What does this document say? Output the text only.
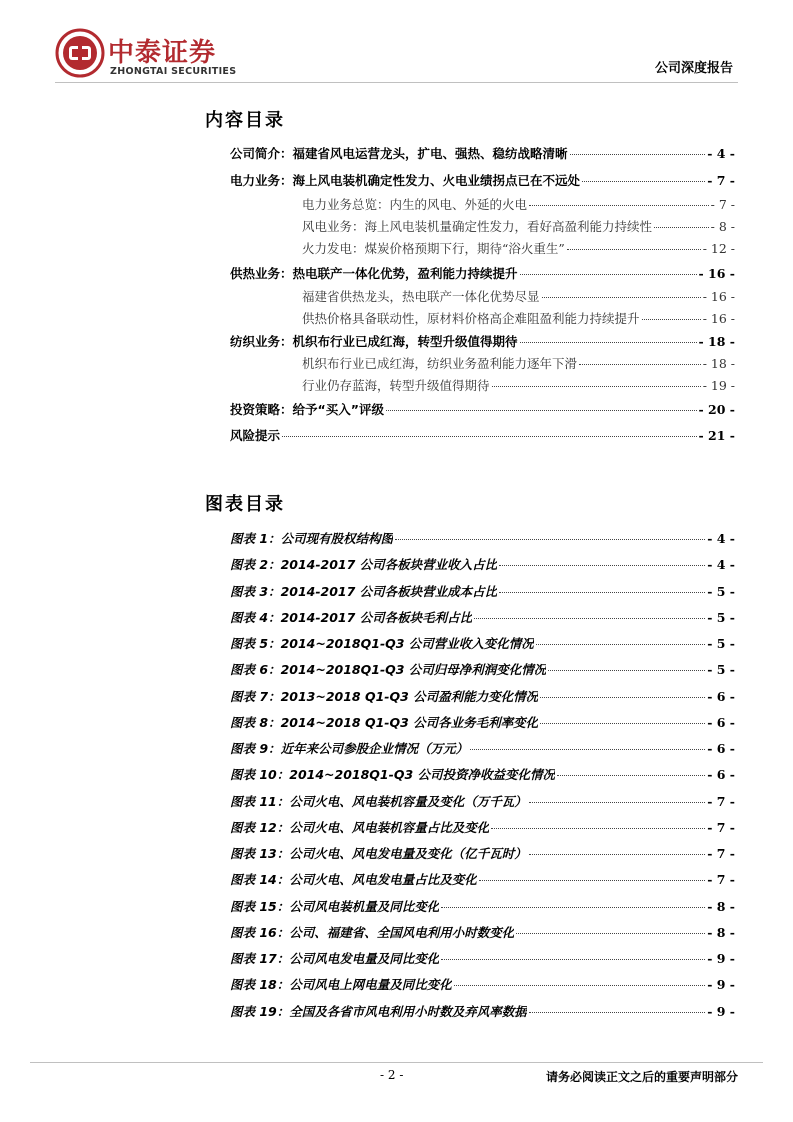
中泰证券
ZHONGTAI SECURITIES	公司深度报告
内容目录
公司简介：福建省风电运营龙头，扩电、强热、稳纺战略清晰	- 4 -
电力业务：海上风电装机确定性发力、火电业绩拐点已在不远处	- 7 -
电力业务总览：内生的风电、外延的火电	- 7 -
风电业务：海上风电装机量确定性发力，看好高盈利能力持续性	- 8 -
火力发电：煤炭价格预期下行，期待“浴火重生”	- 12 -
供热业务：热电联产一体化优势，盈利能力持续提升	- 16 -
福建省供热龙头，热电联产一体化优势尽显	- 16 -
供热价格具备联动性，原材料价格高企难阻盈利能力持续提升	- 16 -
纺织业务：机织布行业已成红海，转型升级值得期待	- 18 -
机织布行业已成红海，纺织业务盈利能力逐年下滑	- 18 -
行业仍存蓝海，转型升级值得期待	- 19 -
投资策略：给予“买入”评级	- 20 -
风险提示	- 21 -
图表目录
图表 1：公司现有股权结构图	- 4 -
图表 2：2014-2017 公司各板块营业收入占比	- 4 -
图表 3：2014-2017 公司各板块营业成本占比	- 5 -
图表 4：2014-2017 公司各板块毛利占比	- 5 -
图表 5：2014~2018Q1-Q3 公司营业收入变化情况	- 5 -
图表 6：2014~2018Q1-Q3 公司归母净利润变化情况	- 5 -
图表 7：2013~2018 Q1-Q3 公司盈利能力变化情况	- 6 -
图表 8：2014~2018 Q1-Q3 公司各业务毛利率变化	- 6 -
图表 9：近年来公司参股企业情况（万元）	- 6 -
图表 10：2014~2018Q1-Q3 公司投资净收益变化情况	- 6 -
图表 11：公司火电、风电装机容量及变化（万千瓦）	- 7 -
图表 12：公司火电、风电装机容量占比及变化	- 7 -
图表 13：公司火电、风电发电量及变化（亿千瓦时）	- 7 -
图表 14：公司火电、风电发电量占比及变化	- 7 -
图表 15：公司风电装机量及同比变化	- 8 -
图表 16：公司、福建省、全国风电利用小时数变化	- 8 -
图表 17：公司风电发电量及同比变化	- 9 -
图表 18：公司风电上网电量及同比变化	- 9 -
图表 19：全国及各省市风电利用小时数及弃风率数据	- 9 -
- 2 -	请务必阅读正文之后的重要声明部分
